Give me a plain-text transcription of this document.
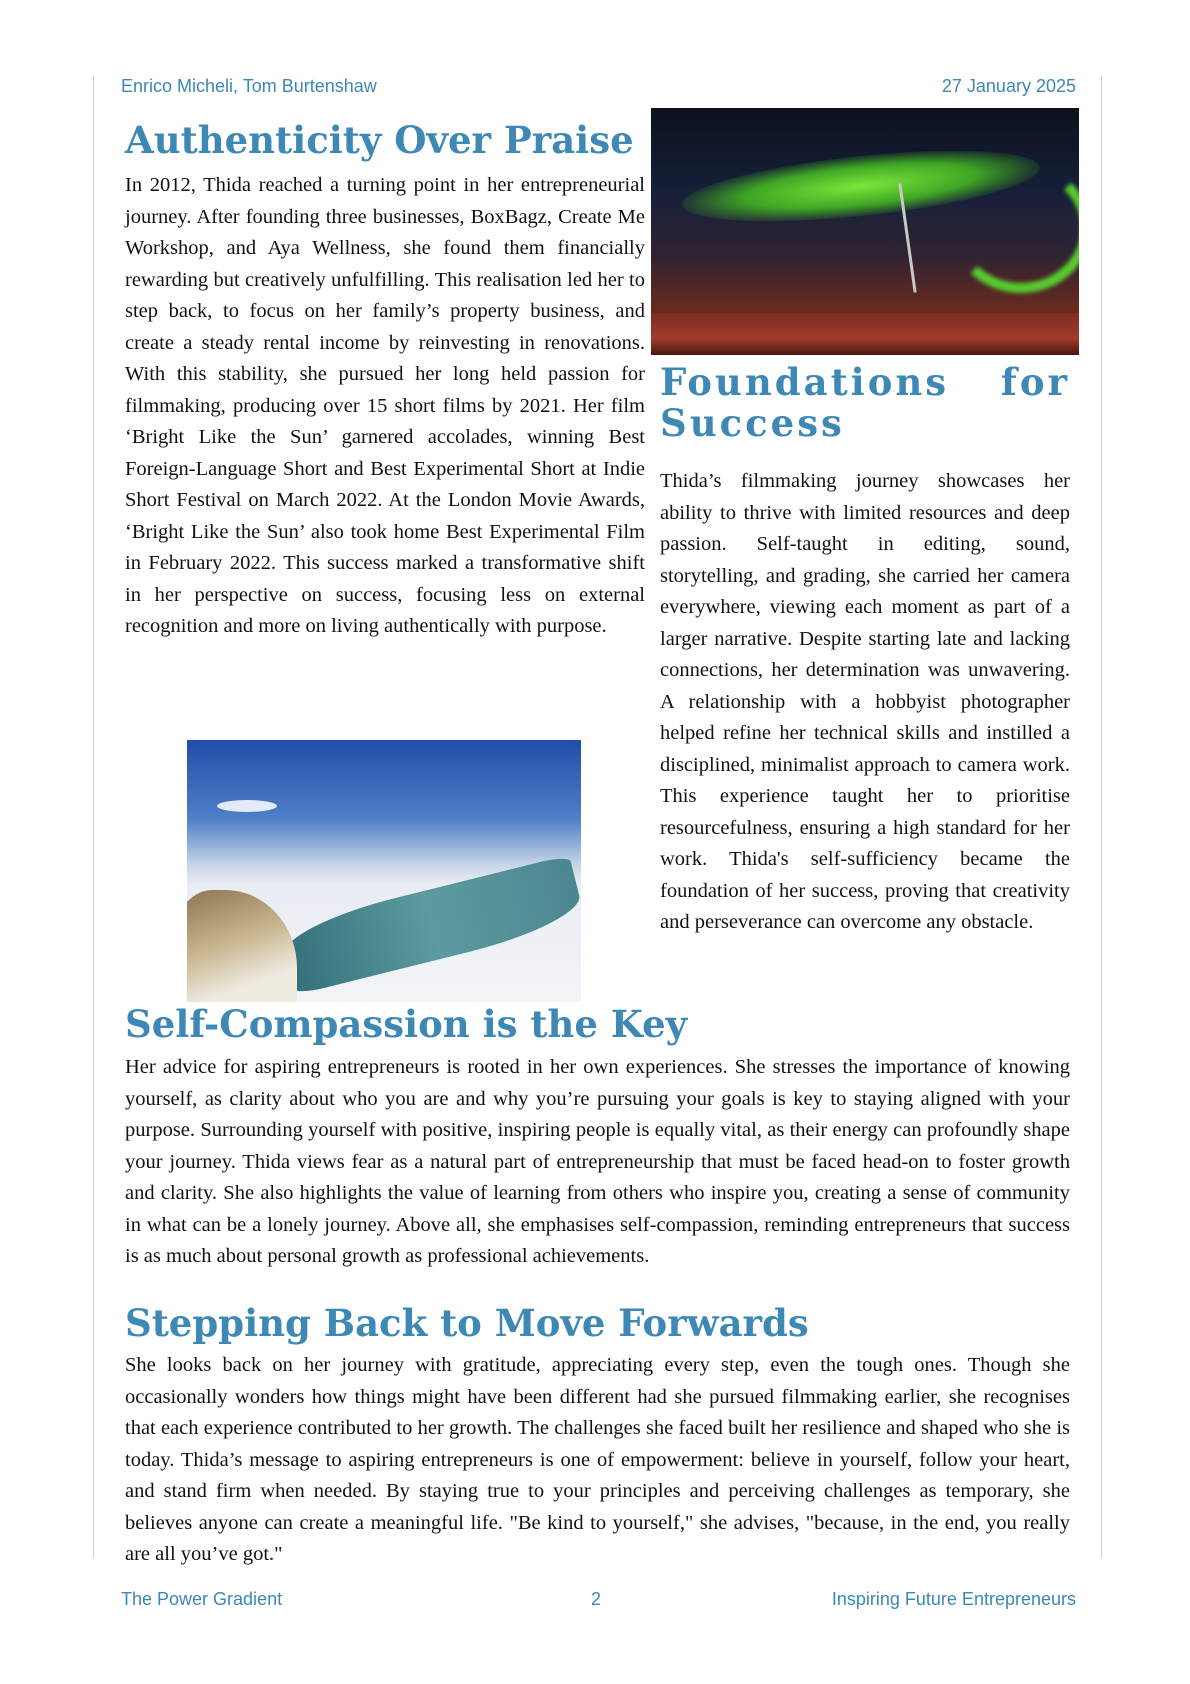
Enrico Micheli, Tom Burtenshaw	27 January 2025
Authenticity Over Praise

In 2012, Thida reached a turning point in her entrepreneurial journey. After founding three businesses, BoxBagz, Create Me Workshop, and Aya Wellness, she found them financially rewarding but creatively unfulfilling. This realisation led her to step back, to focus on her family’s property business, and create a steady rental income by reinvesting in renovations. With this stability, she pursued her long held passion for filmmaking, producing over 15 short films by 2021. Her film ‘Bright Like the Sun’ garnered accolades, winning Best Foreign-Language Short and Best Experimental Short at Indie Short Festival on March 2022. At the London Movie Awards, ‘Bright Like the Sun’ also took home Best Experimental Film in February 2022. This success marked a transformative shift in her perspective on success, focusing less on external recognition and more on living authentically with purpose.

Foundations for
Success

Thida’s filmmaking journey showcases her ability to thrive with limited resources and deep passion. Self-taught in editing, sound, storytelling, and grading, she carried her camera everywhere, viewing each moment as part of a larger narrative. Despite starting late and lacking connections, her determination was unwavering. A relationship with a hobbyist photographer helped refine her technical skills and instilled a disciplined, minimalist approach to camera work. This experience taught her to prioritise resourcefulness, ensuring a high standard for her work. Thida's self-sufficiency became the foundation of her success, proving that creativity and perseverance can overcome any obstacle.

Self-Compassion is the Key

Her advice for aspiring entrepreneurs is rooted in her own experiences. She stresses the importance of knowing yourself, as clarity about who you are and why you’re pursuing your goals is key to staying aligned with your purpose. Surrounding yourself with positive, inspiring people is equally vital, as their energy can profoundly shape your journey. Thida views fear as a natural part of entrepreneurship that must be faced head-on to foster growth and clarity. She also highlights the value of learning from others who inspire you, creating a sense of community in what can be a lonely journey. Above all, she emphasises self-compassion, reminding entrepreneurs that success is as much about personal growth as professional achievements.

Stepping Back to Move Forwards

She looks back on her journey with gratitude, appreciating every step, even the tough ones. Though she occasionally wonders how things might have been different had she pursued filmmaking earlier, she recognises that each experience contributed to her growth. The challenges she faced built her resilience and shaped who she is today. Thida’s message to aspiring entrepreneurs is one of empowerment: believe in yourself, follow your heart, and stand firm when needed. By staying true to your principles and perceiving challenges as temporary, she believes anyone can create a meaningful life. "Be kind to yourself," she advises, "because, in the end, you really are all you’ve got."

The Power Gradient	2	Inspiring Future Entrepreneurs
